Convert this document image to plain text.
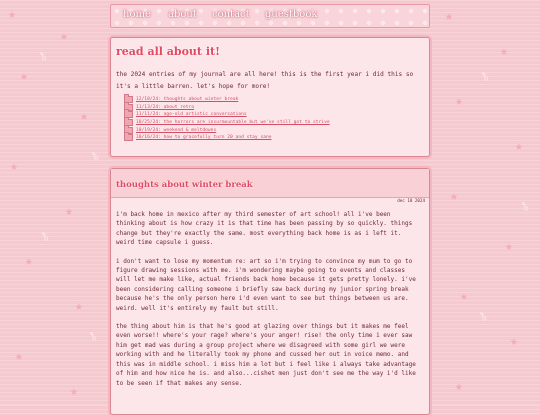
★
★
★
★
★
★
★
★
★
★
★
★
★
★
★
★
★
★
★
⚷
⚷
⚷
⚷
⚷
⚷
⚷
home about contact guestbook
read all about it!
the 2024 entries of my journal are all here! this is the first year i did this so it's a little barren. let's hope for more!
12/18/24: thoughts about winter break
11/13/24: about retro
11/11/24: age-old artistic conversations
10/25/24: the horrors are insurmountable but we've still got to strive
10/19/24: weekend & meltdowns
10/16/24: how to gracefully turn 20 and stay sane
thoughts about winter break
dec 18 2024

i'm back home in mexico after my third semester of art school! all i've been thinking about is how crazy it is that time has been passing by so quickly. things change but they're exactly the same. most everything back home is as i left it. weird time capsule i guess.

i don't want to lose my momentum re: art so i'm trying to convince my mum to go to figure drawing sessions with me. i'm wondering maybe going to events and classes will let me make like, actual friends back home because it gets pretty lonely. i've been considering calling someone i briefly saw back during my junior spring break because he's the only person here i'd even want to see but things between us are. weird. well it's entirely my fault but still.

the thing about him is that he's good at glazing over things but it makes me feel even worse!! where's your rage? where's your anger! rise! the only time i ever saw him get mad was during a group project where we disagreed with some girl we were working with and he literally took my phone and cussed her out in voice memo. and this was in middle school. i miss him a lot but i feel like i always take advantage of him and how nice he is. and also...cishet men just don't see me the way i'd like to be seen if that makes any sense.
